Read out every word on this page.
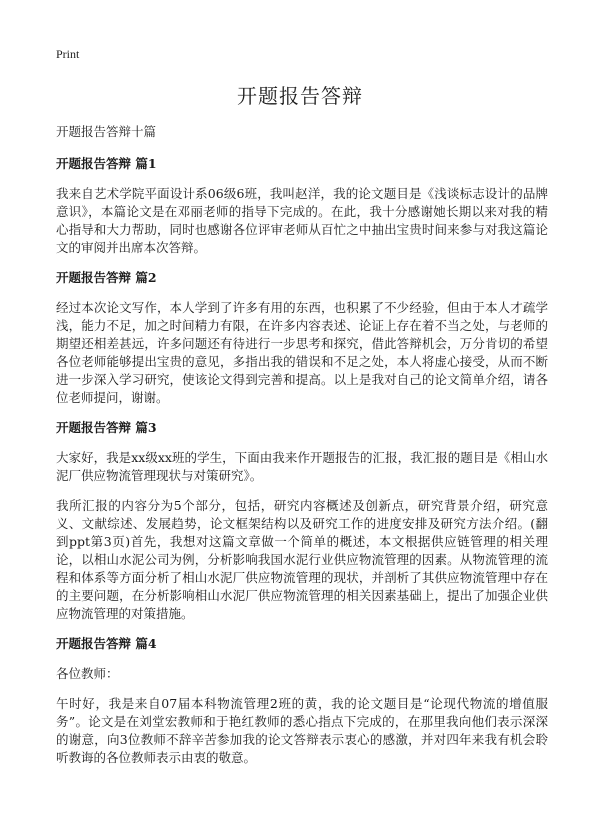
Print
开题报告答辩

开题报告答辩十篇

开题报告答辩 篇1

我来自艺术学院平面设计系06级6班，我叫赵洋，我的论文题目是《浅谈标志设计的品牌意识》，本篇论文是在邓丽老师的指导下完成的。在此，我十分感谢她长期以来对我的精心指导和大力帮助，同时也感谢各位评审老师从百忙之中抽出宝贵时间来参与对我这篇论文的审阅并出席本次答辩。

开题报告答辩 篇2

经过本次论文写作，本人学到了许多有用的东西，也积累了不少经验，但由于本人才疏学浅，能力不足，加之时间精力有限，在许多内容表述、论证上存在着不当之处，与老师的期望还相差甚远，许多问题还有待进行一步思考和探究，借此答辩机会，万分肯切的希望各位老师能够提出宝贵的意见，多指出我的错误和不足之处，本人将虚心接受，从而不断进一步深入学习研究，使该论文得到完善和提高。以上是我对自己的论文简单介绍，请各位老师提问，谢谢。

开题报告答辩 篇3

大家好，我是xx级xx班的学生，下面由我来作开题报告的汇报，我汇报的题目是《相山水泥厂供应物流管理现状与对策研究》。

我所汇报的内容分为5个部分，包括，研究内容概述及创新点，研究背景介绍，研究意义、文献综述、发展趋势，论文框架结构以及研究工作的进度安排及研究方法介绍。(翻到ppt第3页)首先，我想对这篇文章做一个简单的概述，本文根据供应链管理的相关理论，以相山水泥公司为例，分析影响我国水泥行业供应物流管理的因素。从物流管理的流程和体系等方面分析了相山水泥厂供应物流管理的现状，并剖析了其供应物流管理中存在的主要问题，在分析影响相山水泥厂供应物流管理的相关因素基础上，提出了加强企业供应物流管理的对策措施。

开题报告答辩 篇4

各位教师：

午时好，我是来自07届本科物流管理2班的黄，我的论文题目是“论现代物流的增值服务”。论文是在刘堂宏教师和于艳红教师的悉心指点下完成的，在那里我向他们表示深深的谢意，向3位教师不辞辛苦参加我的论文答辩表示衷心的感激，并对四年来我有机会聆听教诲的各位教师表示由衷的敬意。
